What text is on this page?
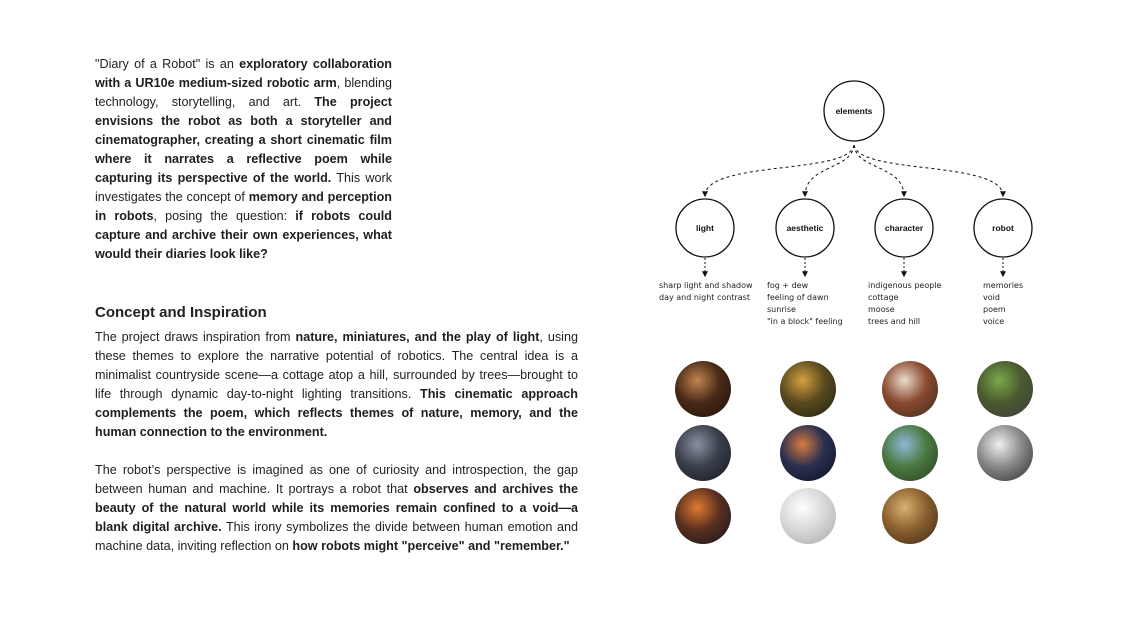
"Diary of a Robot" is an exploratory collaboration with a UR10e medium-sized robotic arm, blending technology, storytelling, and art. The project envisions the robot as both a storyteller and cinematographer, creating a short cinematic film where it narrates a reflective poem while capturing its perspective of the world. This work investigates the concept of memory and perception in robots, posing the question: if robots could capture and archive their own experiences, what would their diaries look like?
Concept and Inspiration

The project draws inspiration from nature, miniatures, and the play of light, using these themes to explore the narrative potential of robotics. The central idea is a minimalist countryside scene—a cottage atop a hill, surrounded by trees—brought to life through dynamic day-to-night lighting transitions. This cinematic approach complements the poem, which reflects themes of nature, memory, and the human connection to the environment.

The robot’s perspective is imagined as one of curiosity and introspection, the gap between human and machine. It portrays a robot that observes and archives the beauty of the natural world while its memories remain confined to a void—a blank digital archive. This irony symbolizes the divide between human emotion and machine data, inviting reflection on how robots might "perceive" and "remember."

elements
light	aesthetic	character	robot
sharp light and shadow
day and night contrast
fog + dew
feeling of dawn
sunrise
"in a block" feeling
indigenous people
cottage
moose
trees and hill
memories
void
poem
voice
